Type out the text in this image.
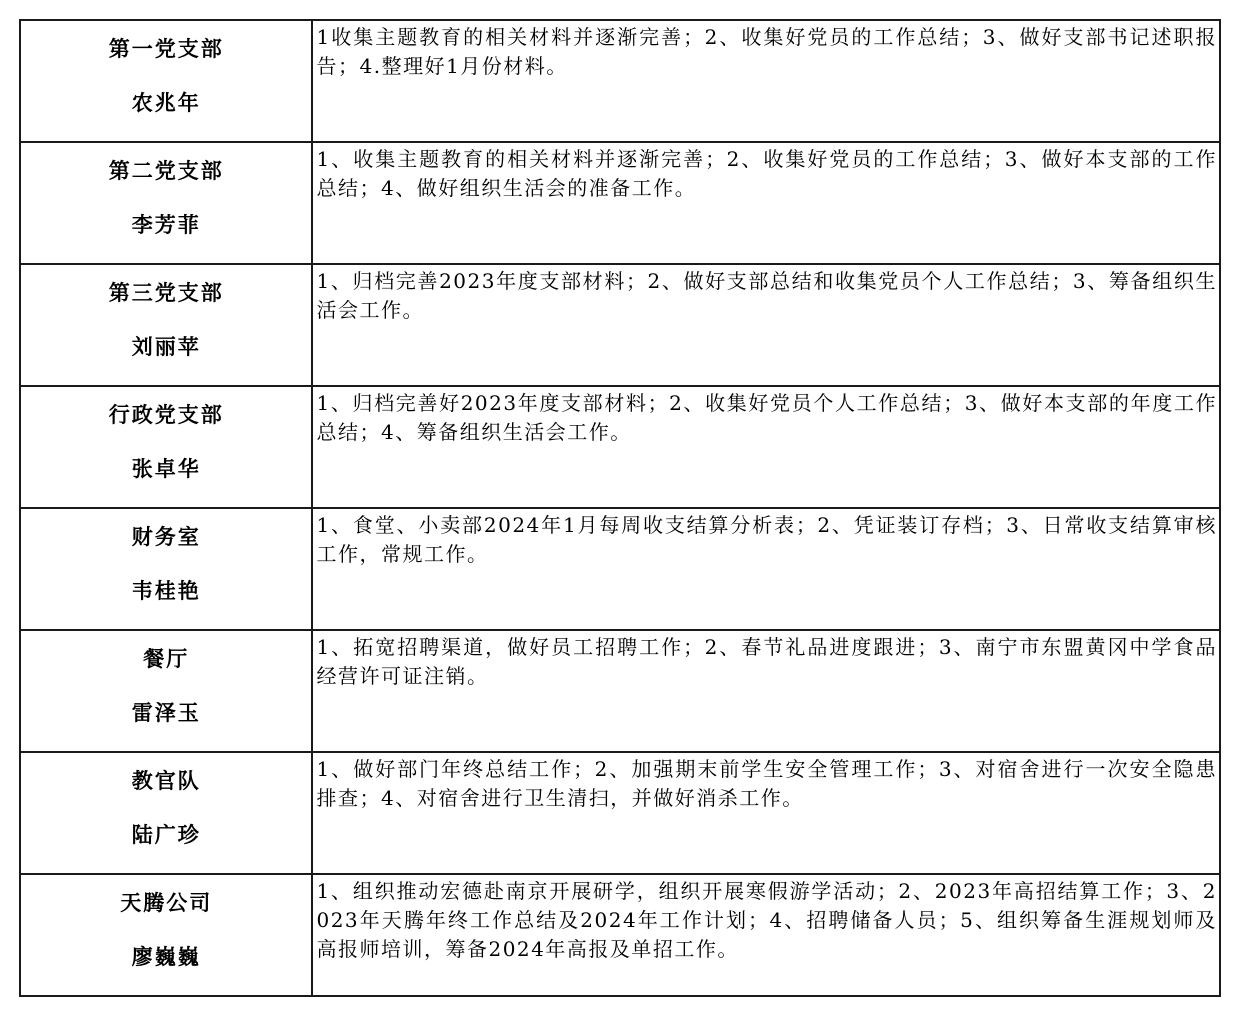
第一党支部
农兆年	1收集主题教育的相关材料并逐渐完善；2、收集好党员的工作总结；3、做好支部书记述职报告；4.整理好1月份材料。

第二党支部
李芳菲	1、收集主题教育的相关材料并逐渐完善；2、收集好党员的工作总结；3、做好本支部的工作总结；4、做好组织生活会的准备工作。

第三党支部
刘丽苹	1、归档完善2023年度支部材料；2、做好支部总结和收集党员个人工作总结；3、筹备组织生活会工作。

行政党支部
张卓华	1、归档完善好2023年度支部材料；2、收集好党员个人工作总结；3、做好本支部的年度工作总结；4、筹备组织生活会工作。

财务室
韦桂艳	1、食堂、小卖部2024年1月每周收支结算分析表；2、凭证装订存档；3、日常收支结算审核工作，常规工作。

餐厅
雷泽玉	1、拓宽招聘渠道，做好员工招聘工作；2、春节礼品进度跟进；3、南宁市东盟黄冈中学食品经营许可证注销。

教官队
陆广珍	1、做好部门年终总结工作；2、加强期末前学生安全管理工作；3、对宿舍进行一次安全隐患排查；4、对宿舍进行卫生清扫，并做好消杀工作。

天腾公司
廖巍巍	1、组织推动宏德赴南京开展研学，组织开展寒假游学活动；2、2023年高招结算工作；3、2023年天腾年终工作总结及2024年工作计划；4、招聘储备人员；5、组织筹备生涯规划师及高报师培训，筹备2024年高报及单招工作。
